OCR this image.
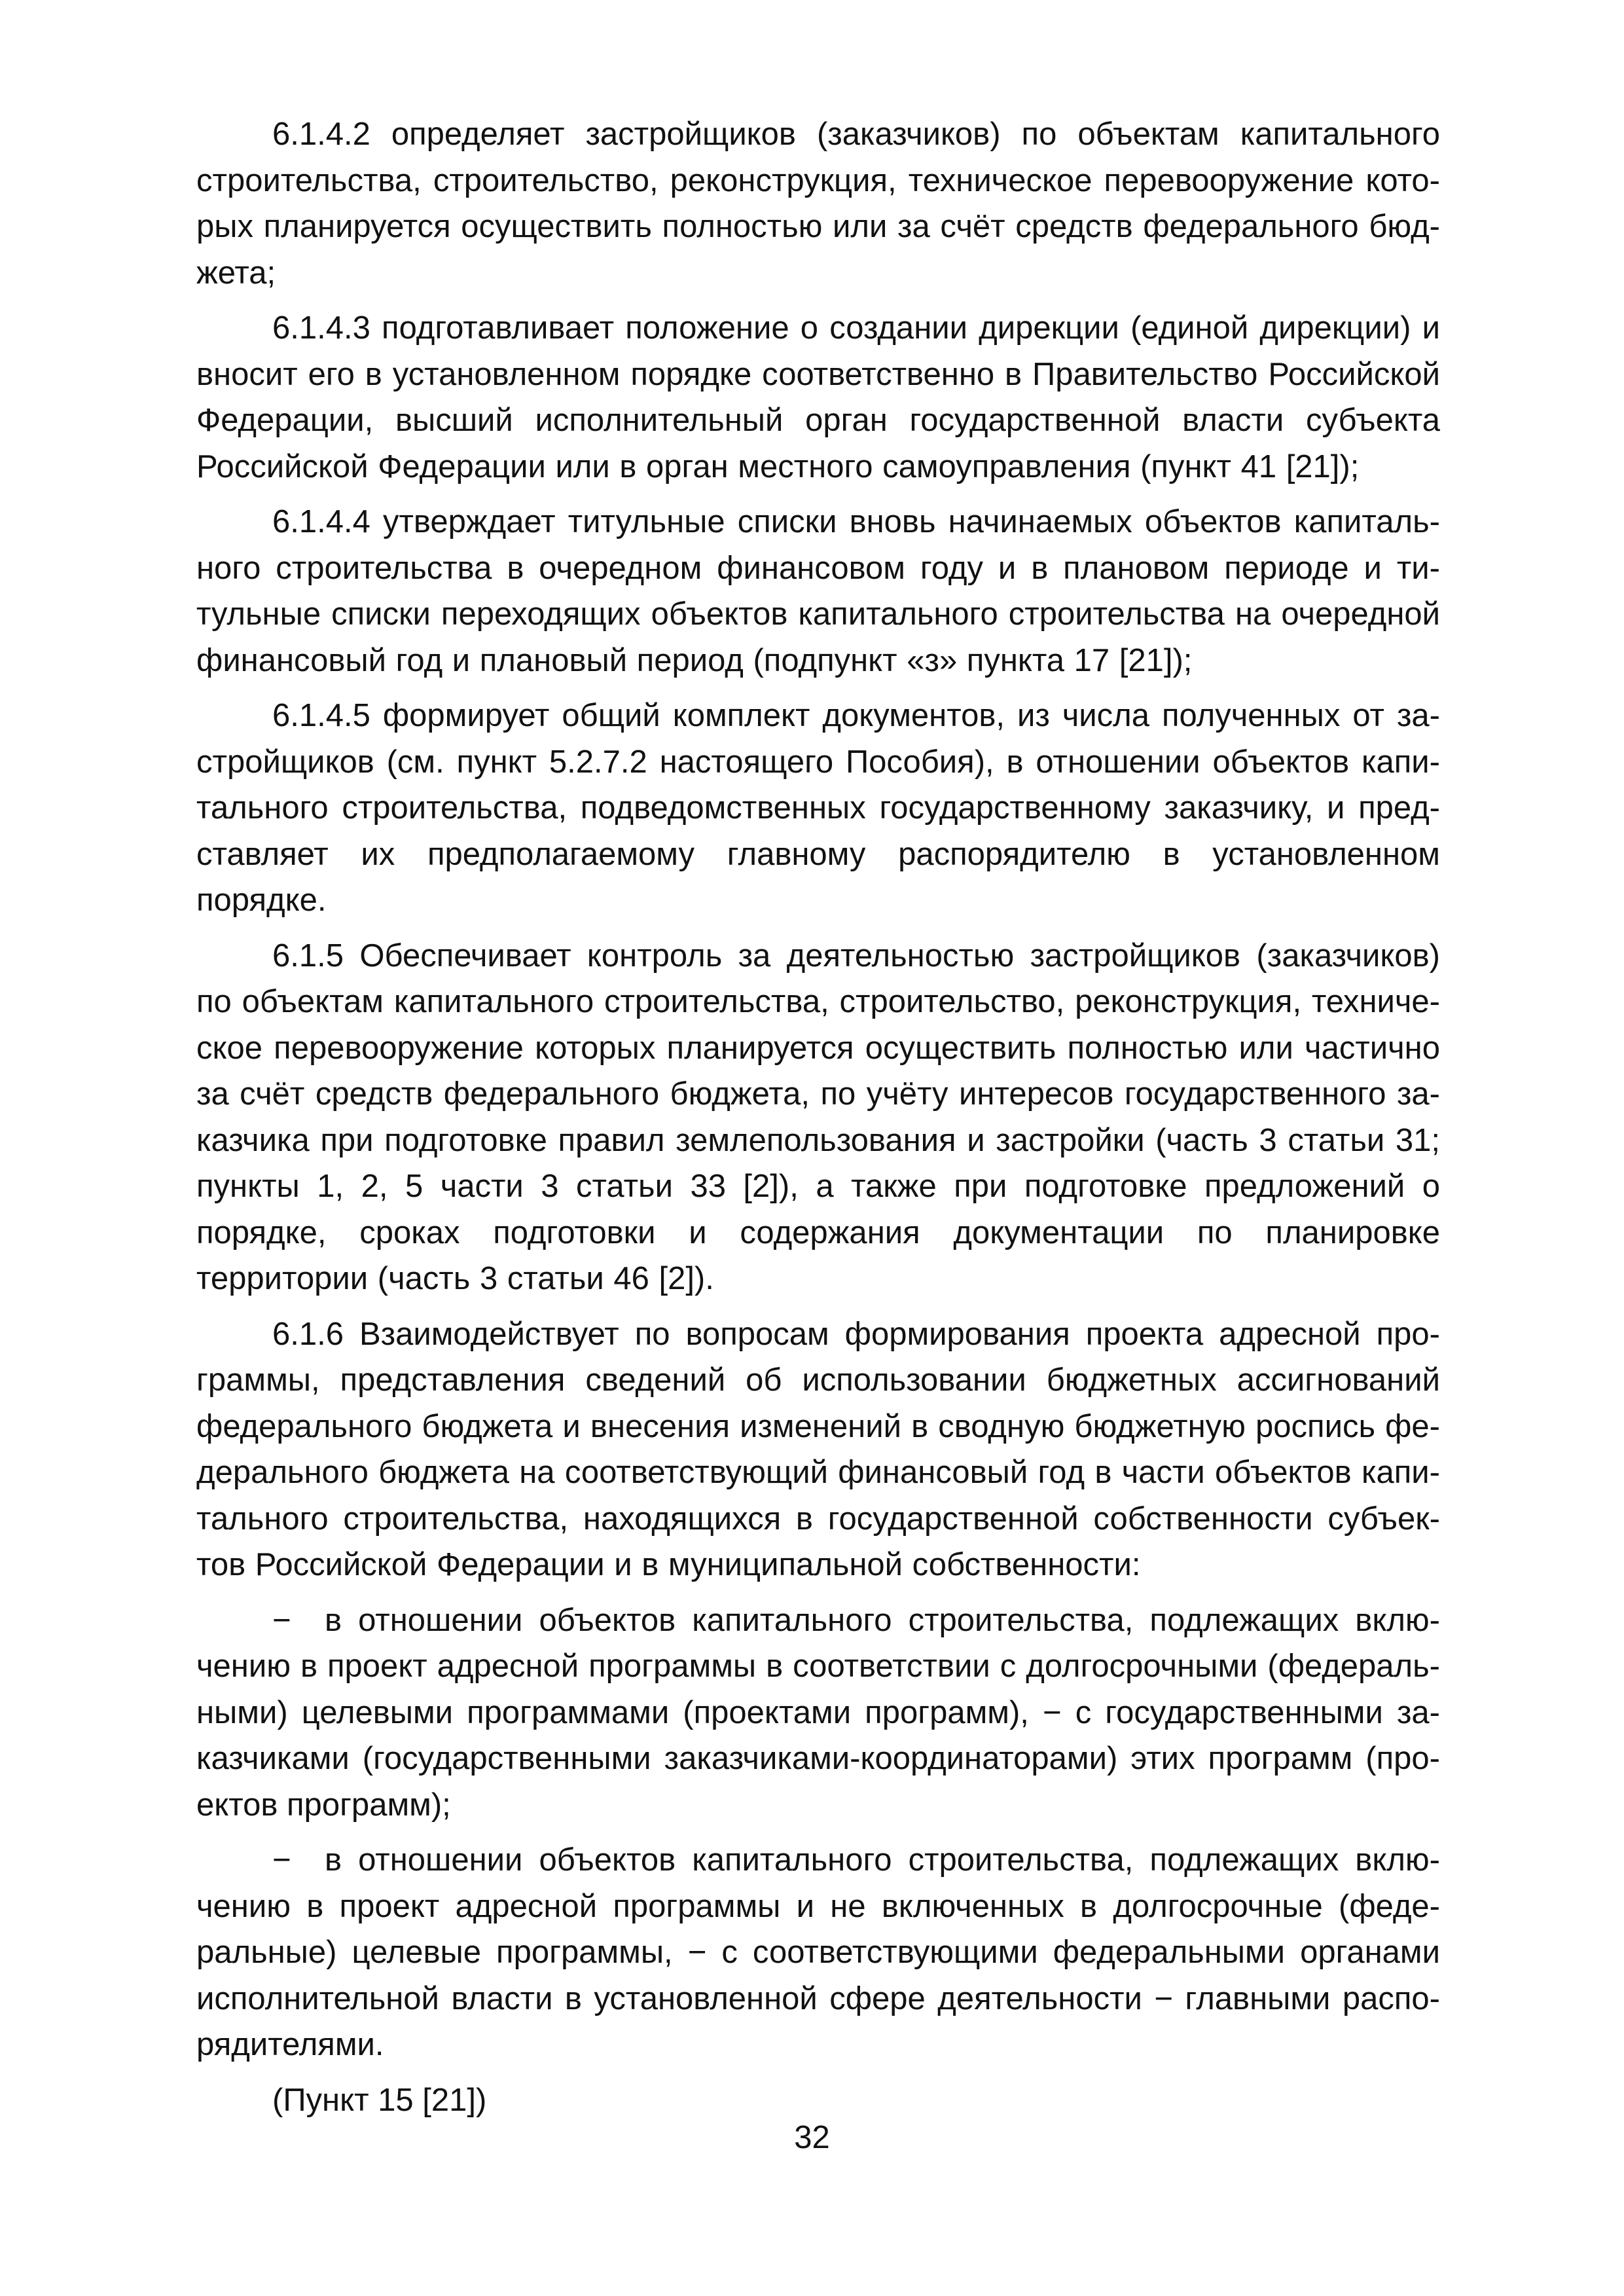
6.1.4.2 определяет застройщиков (заказчиков) по объектам капитального строительства, строительство, реконструкция, техническое перевооружение которых планируется осуществить полностью или за счёт средств федерального бюджета;

6.1.4.3 подготавливает положение о создании дирекции (единой дирекции) и вносит его в установленном порядке соответственно в Правительство Российской Федерации, высший исполнительный орган государственной власти субъекта Российской Федерации или в орган местного самоуправления (пункт 41 [21]);

6.1.4.4 утверждает титульные списки вновь начинаемых объектов капитального строительства в очередном финансовом году и в плановом периоде и титульные списки переходящих объектов капитального строительства на очередной финансовый год и плановый период (подпункт «з» пункта 17 [21]);

6.1.4.5 формирует общий комплект документов, из числа полученных от застройщиков (см. пункт 5.2.7.2 настоящего Пособия), в отношении объектов капитального строительства, подведомственных государственному заказчику, и представляет их предполагаемому главному распорядителю в установленном порядке.

6.1.5 Обеспечивает контроль за деятельностью застройщиков (заказчиков) по объектам капитального строительства, строительство, реконструкция, техническое перевооружение которых планируется осуществить полностью или частично за счёт средств федерального бюджета, по учёту интересов государственного заказчика при подготовке правил землепользования и застройки (часть 3 статьи 31; пункты 1, 2, 5 части 3 статьи 33 [2]), а также при подготовке предложений о порядке, сроках подготовки и содержания документации по планировке территории (часть 3 статьи 46 [2]).

6.1.6 Взаимодействует по вопросам формирования проекта адресной программы, представления сведений об использовании бюджетных ассигнований федерального бюджета и внесения изменений в сводную бюджетную роспись федерального бюджета на соответствующий финансовый год в части объектов капитального строительства, находящихся в государственной собственности субъектов Российской Федерации и в муниципальной собственности:

− в отношении объектов капитального строительства, подлежащих включению в проект адресной программы в соответствии с долгосрочными (федеральными) целевыми программами (проектами программ), − с государственными заказчиками (государственными заказчиками-координаторами) этих программ (проектов программ);

− в отношении объектов капитального строительства, подлежащих включению в проект адресной программы и не включенных в долгосрочные (федеральные) целевые программы, − с соответствующими федеральными органами исполнительной власти в установленной сфере деятельности − главными распорядителями.

(Пункт 15 [21])

32
